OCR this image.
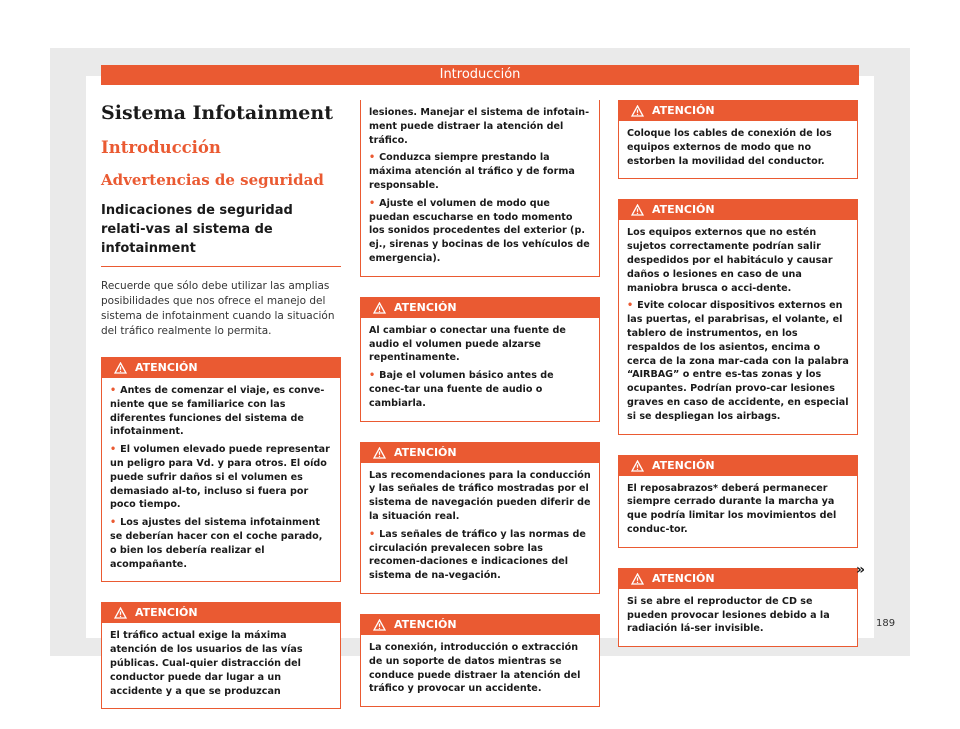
Introducción
Sistema Infotainment
Introducción
Advertencias de seguridad
Indicaciones de seguridad relati-vas al sistema de infotainment
Recuerde que sólo debe utilizar las amplias posibilidades que nos ofrece el manejo del sistema de infotainment cuando la situación del tráfico realmente lo permita.
ATENCIÓN

• Antes de comenzar el viaje, es conve-niente que se familiarice con las diferentes funciones del sistema de infotainment.

• El volumen elevado puede representar un peligro para Vd. y para otros. El oído puede sufrir daños si el volumen es demasiado al-to, incluso si fuera por poco tiempo.

• Los ajustes del sistema infotainment se deberían hacer con el coche parado, o bien los debería realizar el acompañante.

ATENCIÓN

El tráfico actual exige la máxima atención de los usuarios de las vías públicas. Cual-quier distracción del conductor puede dar lugar a un accidente y a que se produzcan

lesiones. Manejar el sistema de infotain-ment puede distraer la atención del tráfico.

• Conduzca siempre prestando la máxima atención al tráfico y de forma responsable.

• Ajuste el volumen de modo que puedan escucharse en todo momento los sonidos procedentes del exterior (p. ej., sirenas y bocinas de los vehículos de emergencia).

ATENCIÓN

Al cambiar o conectar una fuente de audio el volumen puede alzarse repentinamente.

• Baje el volumen básico antes de conec-tar una fuente de audio o cambiarla.

ATENCIÓN

Las recomendaciones para la conducción y las señales de tráfico mostradas por el sistema de navegación pueden diferir de la situación real.

• Las señales de tráfico y las normas de circulación prevalecen sobre las recomen-daciones e indicaciones del sistema de na-vegación.

ATENCIÓN

La conexión, introducción o extracción de un soporte de datos mientras se conduce puede distraer la atención del tráfico y provocar un accidente.

ATENCIÓN

Coloque los cables de conexión de los equipos externos de modo que no estorben la movilidad del conductor.

ATENCIÓN

Los equipos externos que no estén sujetos correctamente podrían salir despedidos por el habitáculo y causar daños o lesiones en caso de una maniobra brusca o acci-dente.

• Evite colocar dispositivos externos en las puertas, el parabrisas, el volante, el tablero de instrumentos, en los respaldos de los asientos, encima o cerca de la zona mar-cada con la palabra “AIRBAG” o entre es-tas zonas y los ocupantes. Podrían provo-car lesiones graves en caso de accidente, en especial si se despliegan los airbags.

ATENCIÓN

El reposabrazos* deberá permanecer siempre cerrado durante la marcha ya que podría limitar los movimientos del conduc-tor.

ATENCIÓN

Si se abre el reproductor de CD se pueden provocar lesiones debido a la radiación lá-ser invisible.

»
189
